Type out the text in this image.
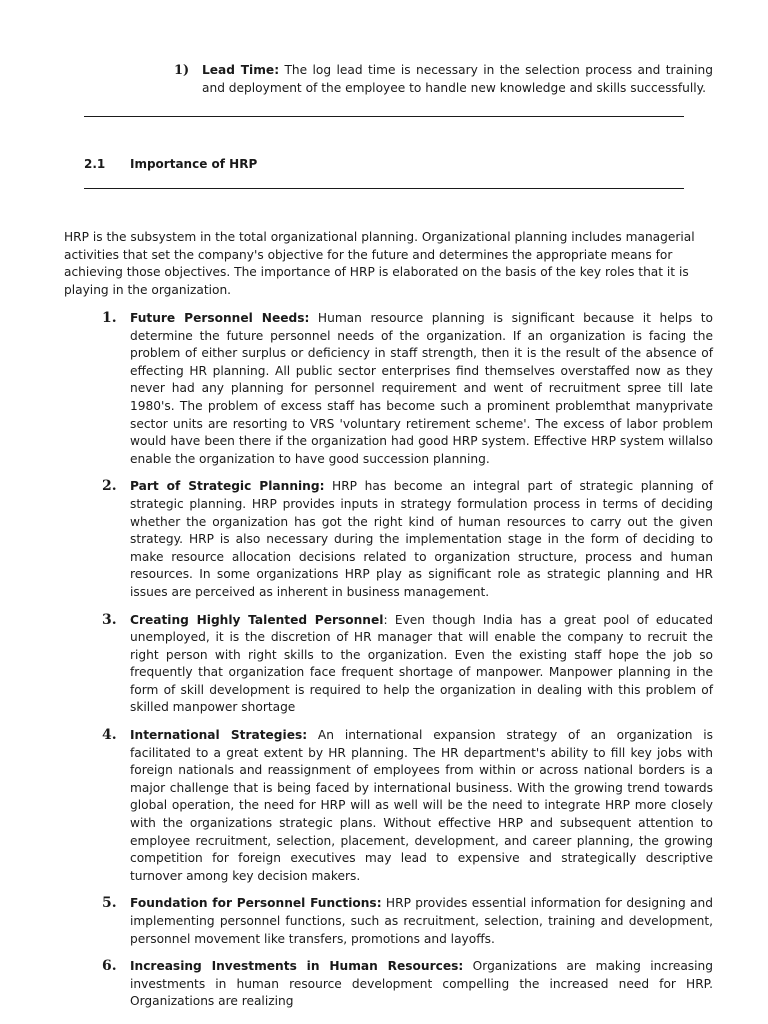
1) Lead Time: The log lead time is necessary in the selection process and training and deployment of the employee to handle new knowledge and skills successfully.
2.1 Importance of HRP

HRP is the subsystem in the total organizational planning. Organizational planning includes managerial activities that set the company's objective for the future and determines the appropriate means for achieving those objectives. The importance of HRP is elaborated on the basis of the key roles that it is playing in the organization.

1. Future Personnel Needs: Human resource planning is significant because it helps to determine the future personnel needs of the organization. If an organization is facing the problem of either surplus or deficiency in staff strength, then it is the result of the absence of effecting HR planning. All public sector enterprises find themselves overstaffed now as they never had any planning for personnel requirement and went of recruitment spree till late 1980's. The problem of excess staff has become such a prominent problemthat manyprivate sector units are resorting to VRS 'voluntary retirement scheme'. The excess of labor problem would have been there if the organization had good HRP system. Effective HRP system willalso enable the organization to have good succession planning.
2. Part of Strategic Planning: HRP has become an integral part of strategic planning of strategic planning. HRP provides inputs in strategy formulation process in terms of deciding whether the organization has got the right kind of human resources to carry out the given strategy. HRP is also necessary during the implementation stage in the form of deciding to make resource allocation decisions related to organization structure, process and human resources. In some organizations HRP play as significant role as strategic planning and HR issues are perceived as inherent in business management.
3. Creating Highly Talented Personnel: Even though India has a great pool of educated unemployed, it is the discretion of HR manager that will enable the company to recruit the right person with right skills to the organization. Even the existing staff hope the job so frequently that organization face frequent shortage of manpower. Manpower planning in the form of skill development is required to help the organization in dealing with this problem of skilled manpower shortage
4. International Strategies: An international expansion strategy of an organization is facilitated to a great extent by HR planning. The HR department's ability to fill key jobs with foreign nationals and reassignment of employees from within or across national borders is a major challenge that is being faced by international business. With the growing trend towards global operation, the need for HRP will as well will be the need to integrate HRP more closely with the organizations strategic plans. Without effective HRP and subsequent attention to employee recruitment, selection, placement, development, and career planning, the growing competition for foreign executives may lead to expensive and strategically descriptive turnover among key decision makers.
5. Foundation for Personnel Functions: HRP provides essential information for designing and implementing personnel functions, such as recruitment, selection, training and development, personnel movement like transfers, promotions and layoffs.
6. Increasing Investments in Human Resources: Organizations are making increasing investments in human resource development compelling the increased need for HRP. Organizations are realizing
